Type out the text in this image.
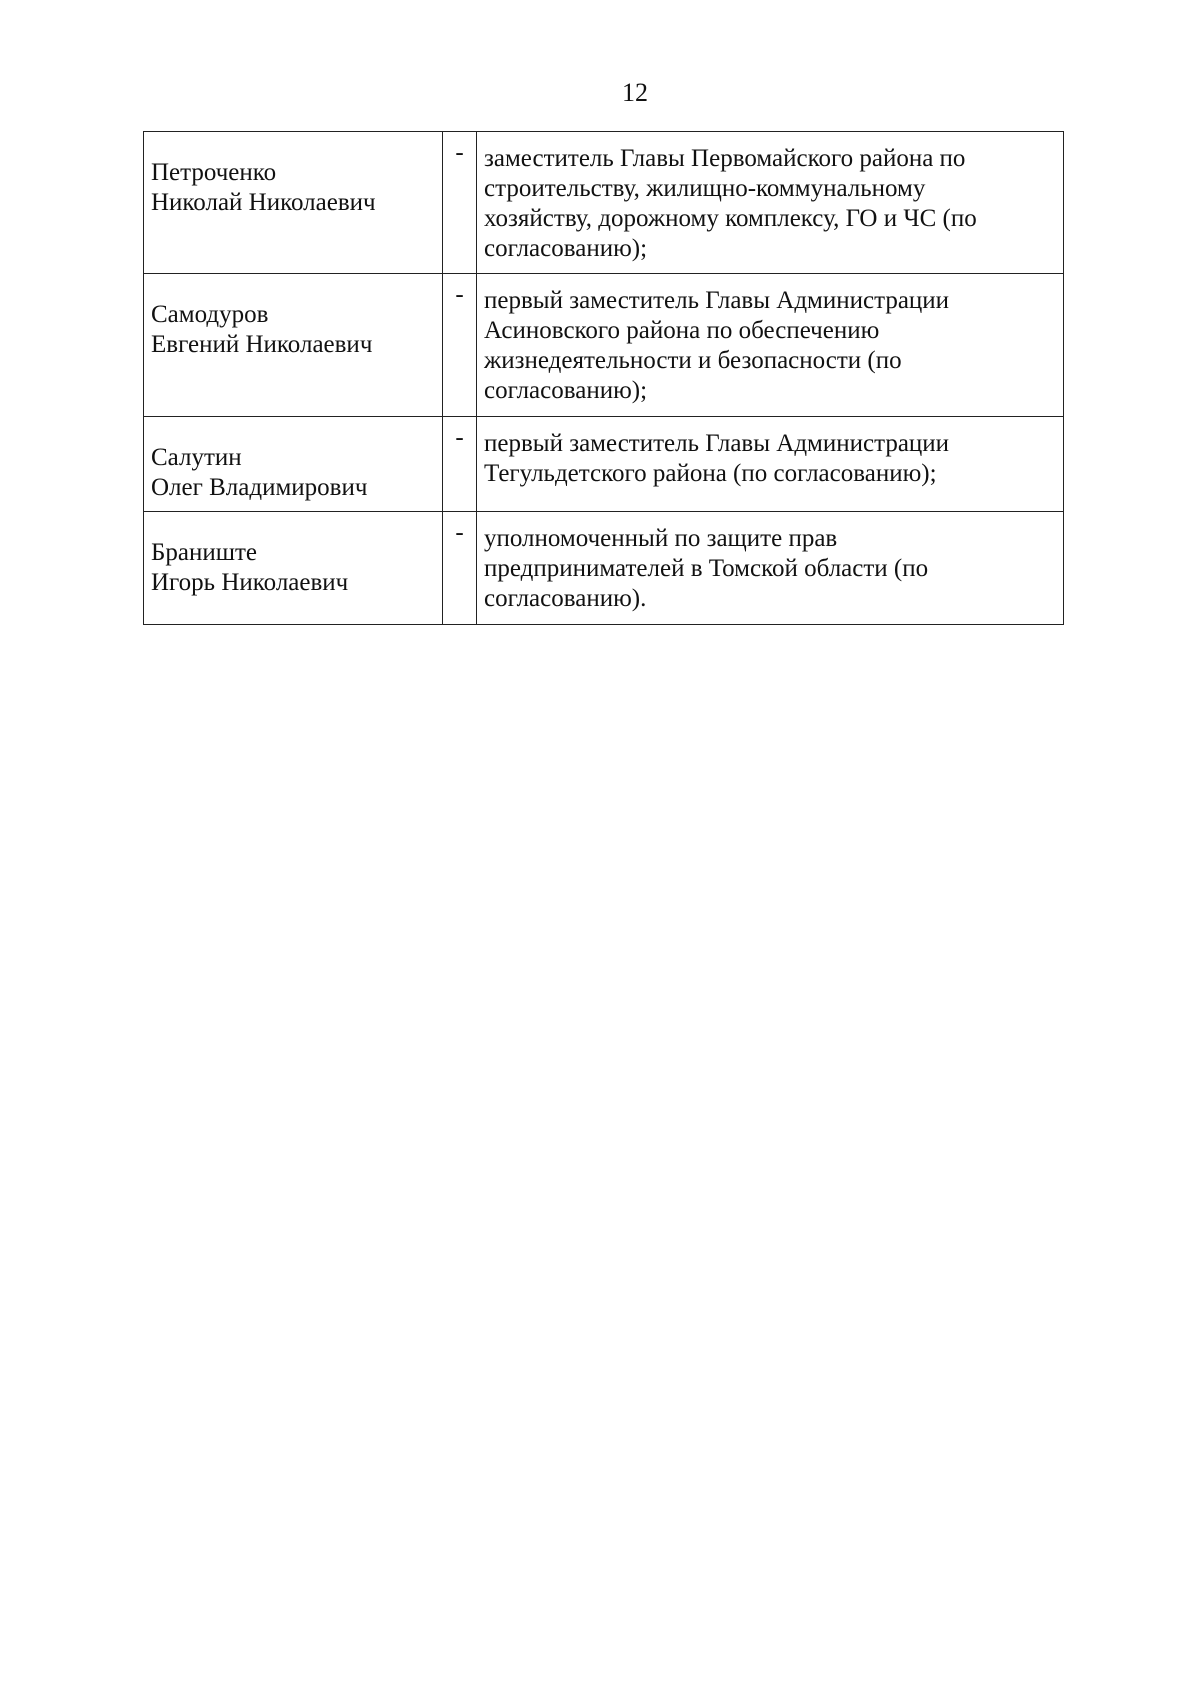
12
Петроченко
Николай Николаевич	-	заместитель Главы Первомайского района по
строительству, жилищно-коммунальному
хозяйству, дорожному комплексу, ГО и ЧС (по
согласованию);

Самодуров
Евгений Николаевич	-	первый заместитель Главы Администрации
Асиновского района по обеспечению
жизнедеятельности и безопасности (по
согласованию);

Салутин
Олег Владимирович	-	первый заместитель Главы Администрации
Тегульдетского района (по согласованию);

Браниште
Игорь Николаевич	-	уполномоченный по защите прав
предпринимателей в Томской области (по
согласованию).
